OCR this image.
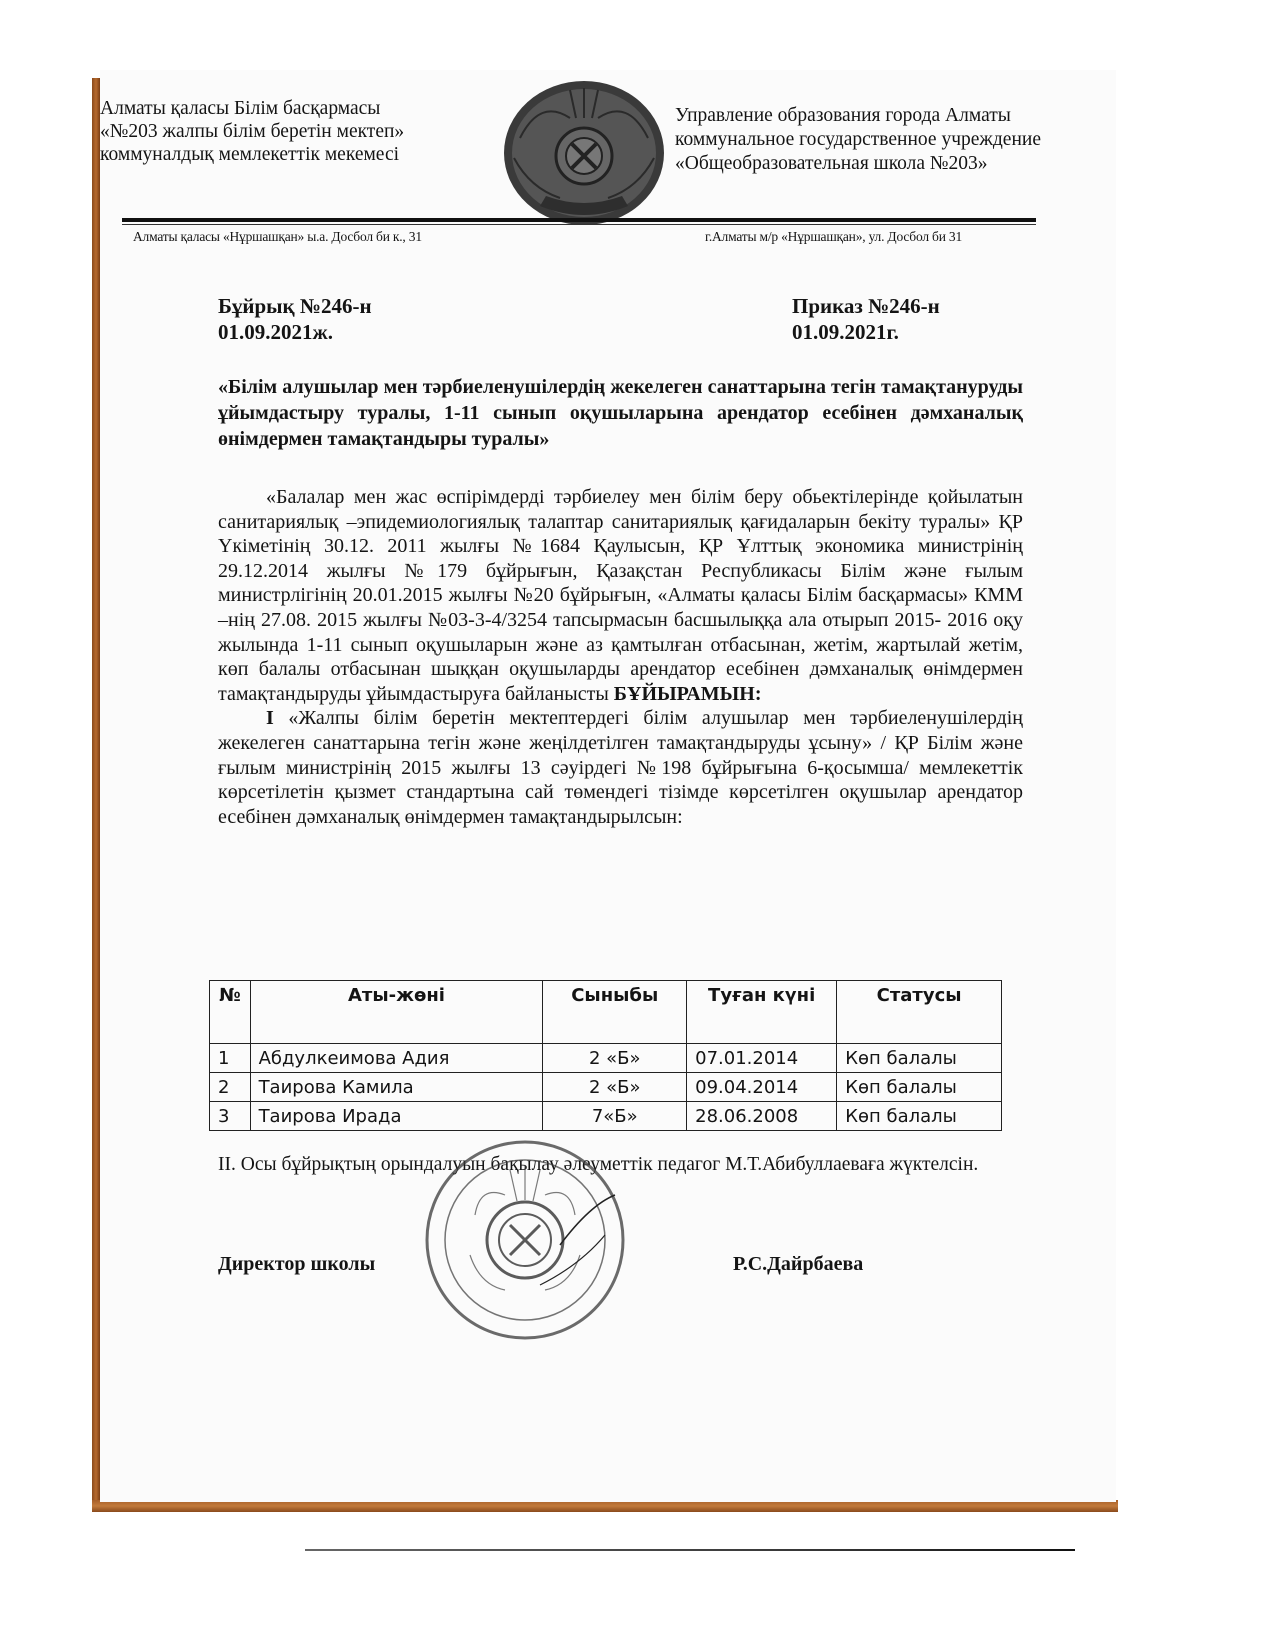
Алматы қаласы Білім басқармасы
«№203 жалпы білім беретін мектеп»
коммуналдық мемлекеттік мекемесі
Управление образования города Алматы
коммунальное государственное учреждение
«Общеобразовательная школа №203»
Алматы қаласы «Нұршашқан» ы.а. Досбол би к., 31	г.Алматы м/р «Нұршашқан», ул. Досбол би 31
Бұйрық №246-н
01.09.2021ж.
Приказ №246-н
01.09.2021г.
«Білім алушылар мен тәрбиеленушілердің жекелеген санаттарына тегін тамақтануруды ұйымдастыру туралы, 1-11 сынып оқушыларына арендатор есебінен дәмханалық өнімдермен тамақтандыры туралы»

«Балалар мен жас өспірімдерді тәрбиелеу мен білім беру обьектілерінде қойылатын санитариялық –эпидемиологиялық талаптар санитариялық қағидаларын бекіту туралы» ҚР Үкіметінің 30.12. 2011 жылғы №1684 Қаулысын, ҚР Ұлттық экономика министрінің 29.12.2014 жылғы №179 бұйрығын, Қазақстан Республикасы Білім және ғылым министрлігінің 20.01.2015 жылғы №20 бұйрығын, «Алматы қаласы Білім басқармасы» КММ –нің 27.08. 2015 жылғы №03-3-4/3254 тапсырмасын басшылыққа ала отырып 2015- 2016 оқу жылында 1-11 сынып оқушыларын және аз қамтылған отбасынан, жетім, жартылай жетім, көп балалы отбасынан шыққан оқушыларды арендатор есебінен дәмханалық өнімдермен тамақтандыруды ұйымдастыруға байланысты БҰЙЫРАМЫН:

I «Жалпы білім беретін мектептердегі білім алушылар мен тәрбиеленушілердің жекелеген санаттарына тегін және жеңілдетілген тамақтандыруды ұсыну» / ҚР Білім және ғылым министрінің 2015 жылғы 13 сәуірдегі №198 бұйрығына 6-қосымша/ мемлекеттік көрсетілетін қызмет стандартына сай төмендегі тізімде көрсетілген оқушылар арендатор есебінен дәмханалық өнімдермен тамақтандырылсын:

№	Аты-жөні	Сыныбы	Туған күні	Статусы
1	Абдулкеимова Адия	2 «Б»	07.01.2014	Көп балалы
2	Таирова Камила	2 «Б»	09.04.2014	Көп балалы
3	Таирова Ирада	7«Б»	28.06.2008	Көп балалы
II. Осы бұйрықтың орындалуын бақылау әлеуметтік педагог М.Т.Абибуллаеваға жүктелсін.
Директор школы	Р.С.Дайрбаева
